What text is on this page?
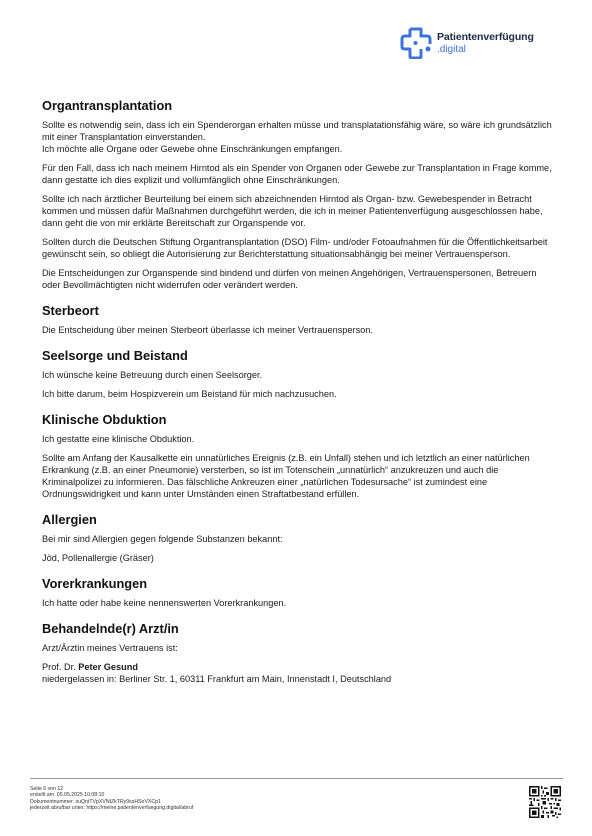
Patientenverfügung
.digital
Organtransplantation

Sollte es notwendig sein, dass ich ein Spenderorgan erhalten müsse und transplatationsfähig wäre, so wäre ich grundsätzlich mit einer Transplantation einverstanden.
Ich möchte alle Organe oder Gewebe ohne Einschränkungen empfangen.

Für den Fall, dass ich nach meinem Hirntod als ein Spender von Organen oder Gewebe zur Transplantation in Frage komme, dann gestatte ich dies explizit und vollumfänglich ohne Einschränkungen.

Sollte ich nach ärztlicher Beurteilung bei einem sich abzeichnenden Hirntod als Organ- bzw. Gewebespender in Betracht kommen und müssen dafür Maßnahmen durchgeführt werden, die ich in meiner Patientenverfügung ausgeschlossen habe, dann geht die von mir erklärte Bereitschaft zur Organspende vor.

Sollten durch die Deutschen Stiftung Organtransplantation (DSO) Film- und/oder Fotoaufnahmen für die Öffentlichkeitsarbeit gewünscht sein, so obliegt die Autorisierung zur Berichterstattung situationsabhängig bei meiner Vertrauensperson.

Die Entscheidungen zur Organspende sind bindend und dürfen von meinen Angehörigen, Vertrauenspersonen, Betreuern oder Bevollmächtigten nicht widerrufen oder verändert werden.

Sterbeort

Die Entscheidung über meinen Sterbeort überlasse ich meiner Vertrauensperson.

Seelsorge und Beistand

Ich wünsche keine Betreuung durch einen Seelsorger.

Ich bitte darum, beim Hospizverein um Beistand für mich nachzusuchen.

Klinische Obduktion

Ich gestatte eine klinische Obduktion.

Sollte am Anfang der Kausalkette ein unnatürliches Ereignis (z.B. ein Unfall) stehen und ich letztlich an einer natürlichen Erkrankung (z.B. an einer Pneumonie) versterben, so ist im Totenschein „unnatürlich“ anzukreuzen und auch die Kriminalpolizei zu informieren. Das fälschliche Ankreuzen einer „natürlichen Todesursache“ ist zumindest eine Ordnungswidrigkeit und kann unter Umständen einen Straftatbestand erfüllen.

Allergien

Bei mir sind Allergien gegen folgende Substanzen bekannt:

Jöd, Pollenallergie (Gräser)

Vorerkrankungen

Ich hatte oder habe keine nennenswerten Vorerkrankungen.

Behandelnde(r) Arzt/in

Arzt/Ärztin meines Vertrauens ist:

Prof. Dr. Peter Gesund
niedergelassen in: Berliner Str. 1, 60311 Frankfurt am Main, Innenstadt I, Deutschland

Seite 6 von 12
erstellt am: 05.05.2025 10:08:10
Dokumentnummer: suQntTVpXVNtZkTRy9ssHSoVXCp1
jederzeit abrufbar unter: https://meine.patientenverfuegung.digital/abruf
